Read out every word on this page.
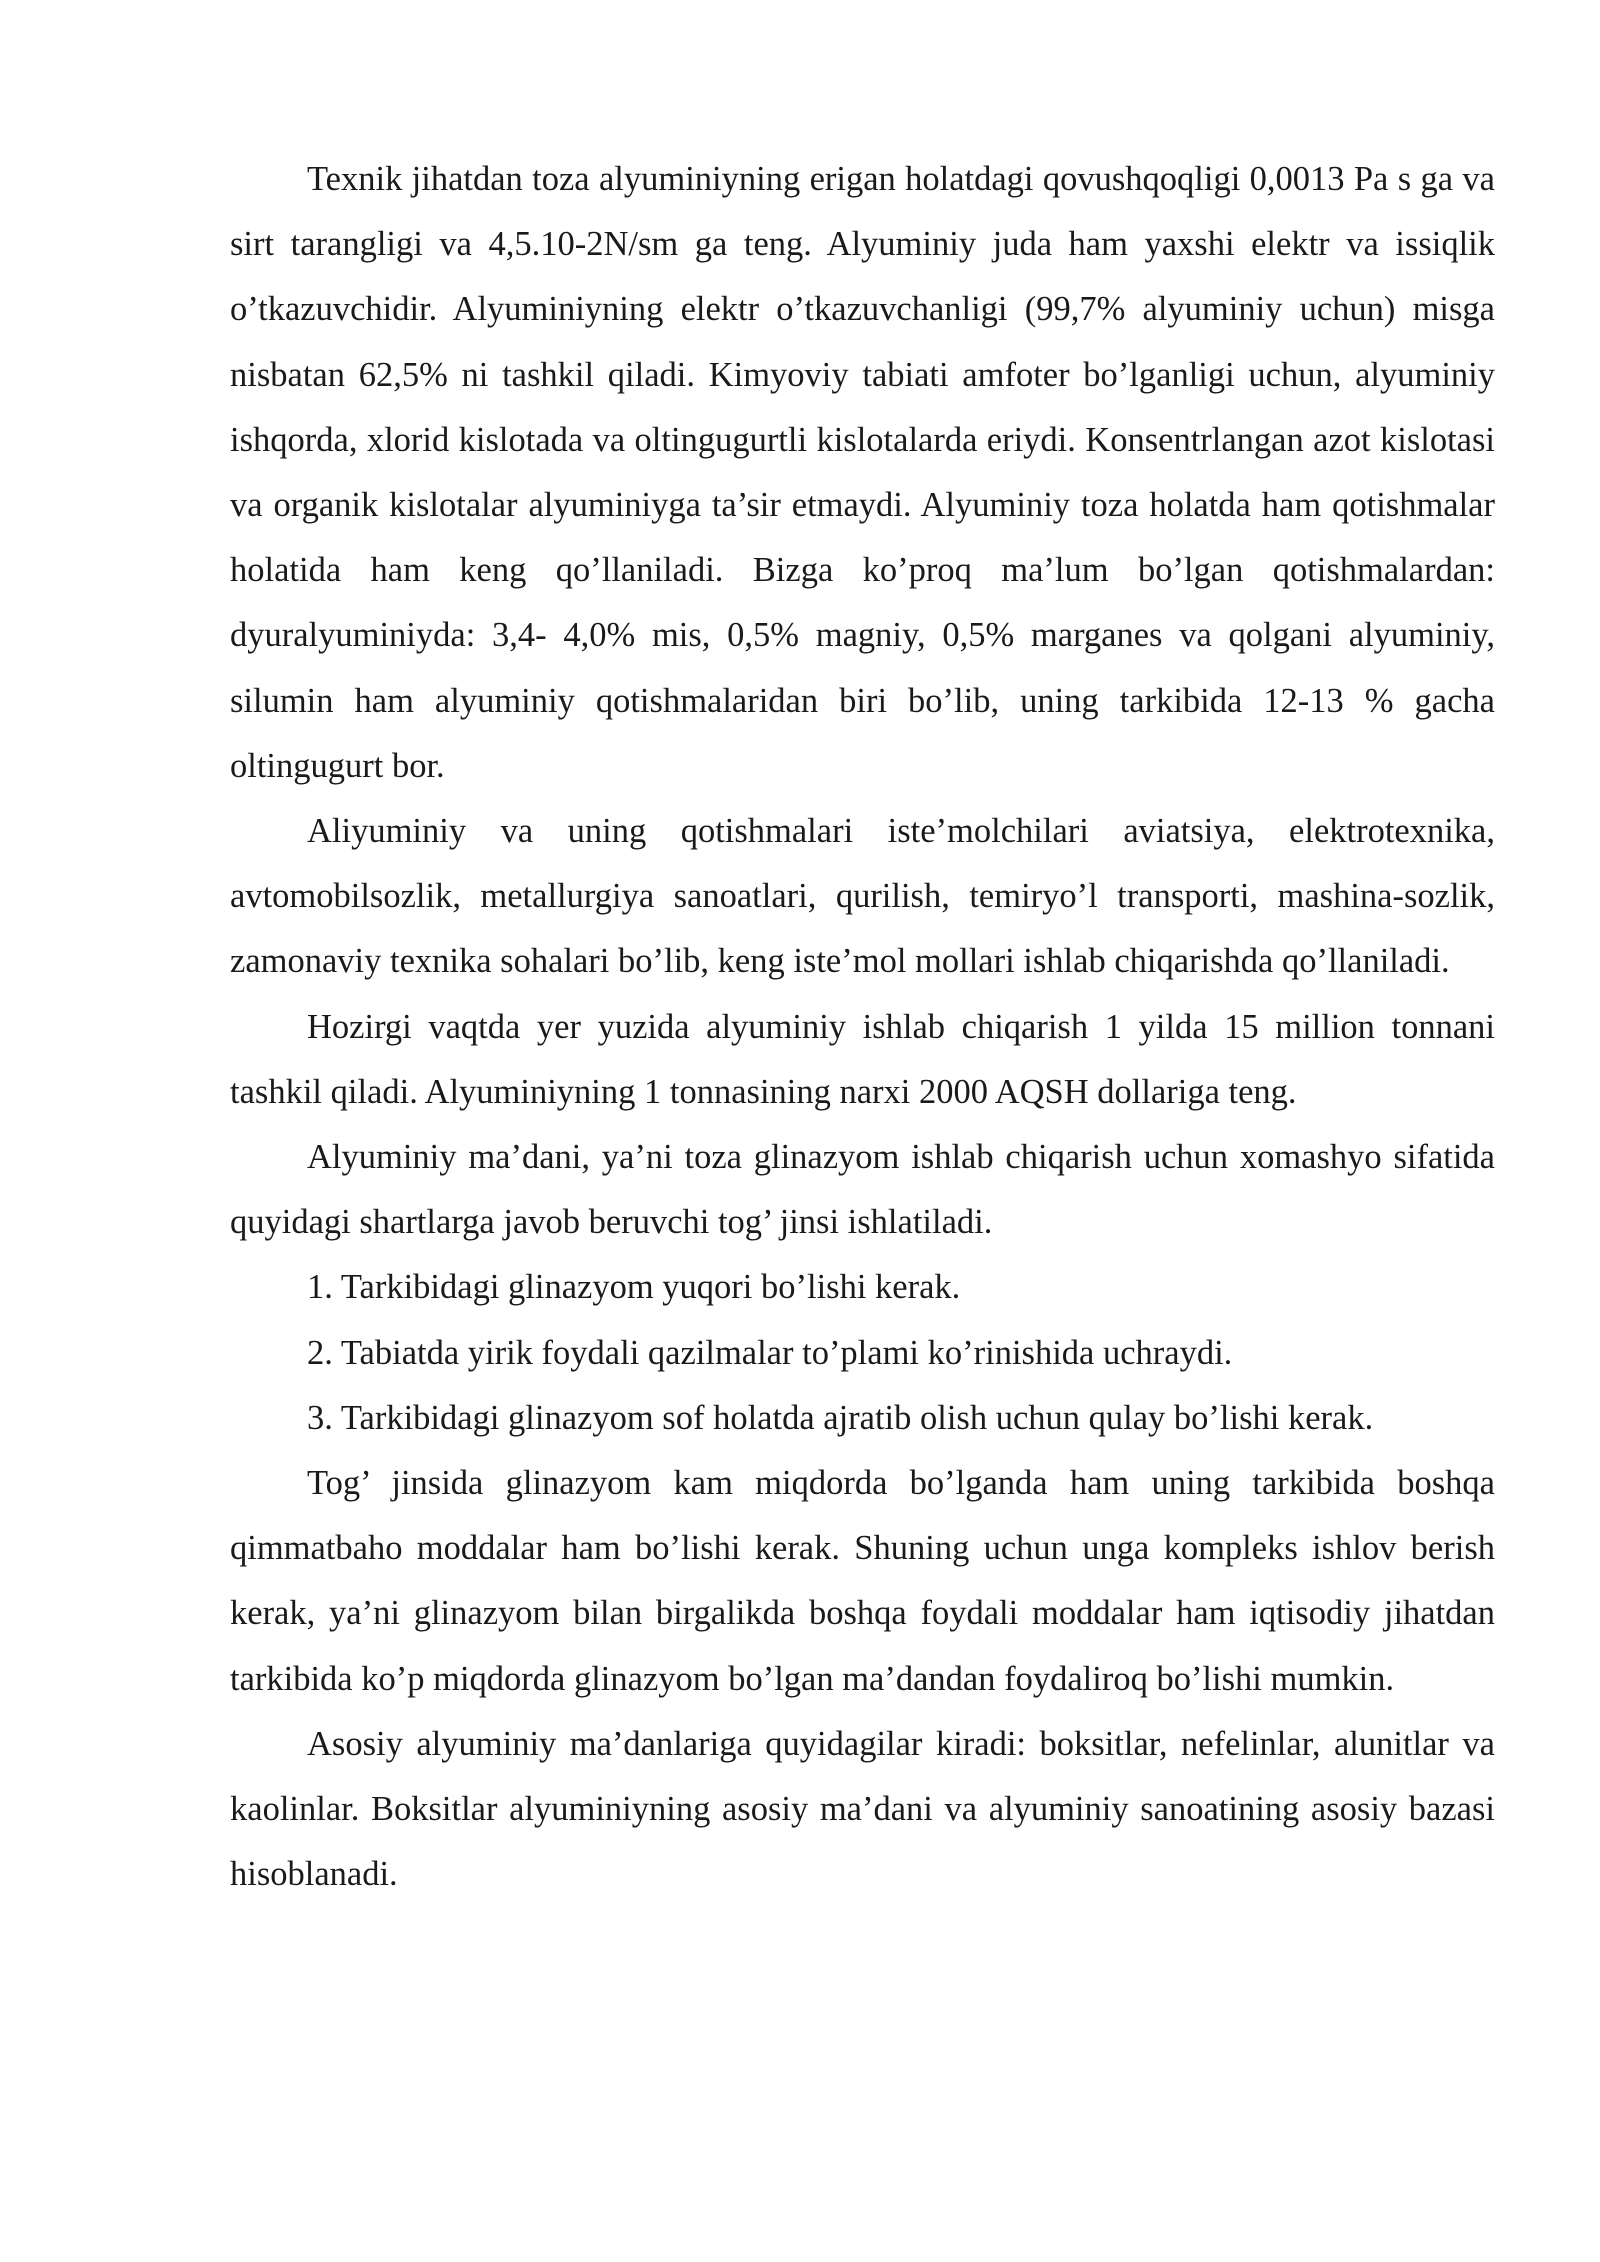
Texnik jihatdan toza alyuminiyning erigan holatdagi qovushqoqligi 0,0013 Pa s ga va sirt tarangligi va 4,5.10-2N/sm ga teng. Alyuminiy juda ham yaxshi elektr va issiqlik o’tkazuvchidir. Alyuminiyning elektr o’tkazuvchanligi (99,7% alyuminiy uchun) misga nisbatan 62,5% ni tashkil qiladi. Kimyoviy tabiati amfoter bo’lganligi uchun, alyuminiy ishqorda, xlorid kislotada va oltingugurtli kislotalarda eriydi. Konsentrlangan azot kislotasi va organik kislotalar alyuminiyga ta’sir etmaydi. Alyuminiy toza holatda ham qotishmalar holatida ham keng qo’llaniladi. Bizga ko’proq ma’lum bo’lgan qotishmalardan: dyuralyuminiyda: 3,4- 4,0% mis, 0,5% magniy, 0,5% marganes va qolgani alyuminiy, silumin ham alyuminiy qotishmalaridan biri bo’lib, uning tarkibida 12-13 % gacha oltingugurt bor.

Aliyuminiy va uning qotishmalari iste’molchilari aviatsiya, elektrotexnika, avtomobilsozlik, metallurgiya sanoatlari, qurilish, temiryo’l transporti, mashina-sozlik, zamonaviy texnika sohalari bo’lib, keng iste’mol mollari ishlab chiqarishda qo’llaniladi.

Hozirgi vaqtda yer yuzida alyuminiy ishlab chiqarish 1 yilda 15 million tonnani tashkil qiladi. Alyuminiyning 1 tonnasining narxi 2000 AQSH dollariga teng.

Alyuminiy ma’dani, ya’ni toza glinazyom ishlab chiqarish uchun xomashyo sifatida quyidagi shartlarga javob beruvchi tog’ jinsi ishlatiladi.

1. Tarkibidagi glinazyom yuqori bo’lishi kerak.

2. Tabiatda yirik foydali qazilmalar to’plami ko’rinishida uchraydi.

3. Tarkibidagi glinazyom sof holatda ajratib olish uchun qulay bo’lishi kerak.

Tog’ jinsida glinazyom kam miqdorda bo’lganda ham uning tarkibida boshqa qimmatbaho moddalar ham bo’lishi kerak. Shuning uchun unga kompleks ishlov berish kerak, ya’ni glinazyom bilan birgalikda boshqa foydali moddalar ham iqtisodiy jihatdan tarkibida ko’p miqdorda glinazyom bo’lgan ma’dandan foydaliroq bo’lishi mumkin.

Asosiy alyuminiy ma’danlariga quyidagilar kiradi: boksitlar, nefelinlar, alunitlar va kaolinlar. Boksitlar alyuminiyning asosiy ma’dani va alyuminiy sanoatining asosiy bazasi hisoblanadi.
